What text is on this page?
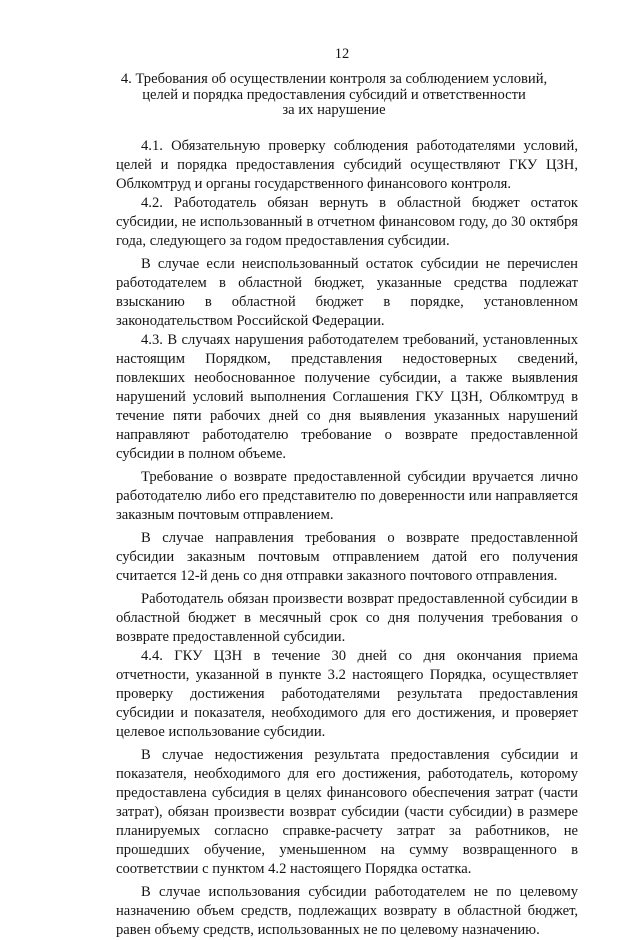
12
4. Требования об осуществлении контроля за соблюдением условий,
целей и порядка предоставления субсидий и ответственности
за их нарушение

4.1. Обязательную проверку соблюдения работодателями условий, целей и порядка предоставления субсидий осуществляют ГКУ ЦЗН, Облкомтруд и органы государственного финансового контроля.

4.2. Работодатель обязан вернуть в областной бюджет остаток субсидии, не использованный в отчетном финансовом году, до 30 октября года, следующего за годом предоставления субсидии.

В случае если неиспользованный остаток субсидии не перечислен работодателем в областной бюджет, указанные средства подлежат взысканию в областной бюджет в порядке, установленном законодательством Российской Федерации.

4.3. В случаях нарушения работодателем требований, установленных настоящим Порядком, представления недостоверных сведений, повлекших необоснованное получение субсидии, а также выявления нарушений условий выполнения Соглашения ГКУ ЦЗН, Облкомтруд в течение пяти рабочих дней со дня выявления указанных нарушений направляют работодателю требование о возврате предоставленной субсидии в полном объеме.

Требование о возврате предоставленной субсидии вручается лично работодателю либо его представителю по доверенности или направляется заказным почтовым отправлением.

В случае направления требования о возврате предоставленной субсидии заказным почтовым отправлением датой его получения считается 12-й день со дня отправки заказного почтового отправления.

Работодатель обязан произвести возврат предоставленной субсидии в областной бюджет в месячный срок со дня получения требования о возврате предоставленной субсидии.

4.4. ГКУ ЦЗН в течение 30 дней со дня окончания приема отчетности, указанной в пункте 3.2 настоящего Порядка, осуществляет проверку достижения работодателями результата предоставления субсидии и показателя, необходимого для его достижения, и проверяет целевое использование субсидии.

В случае недостижения результата предоставления субсидии и показателя, необходимого для его достижения, работодатель, которому предоставлена субсидия в целях финансового обеспечения затрат (части затрат), обязан произвести возврат субсидии (части субсидии) в размере планируемых согласно справке-расчету затрат за работников, не прошедших обучение, уменьшенном на сумму возвращенного в соответствии с пунктом 4.2 настоящего Порядка остатка.

В случае использования субсидии работодателем не по целевому назначению объем средств, подлежащих возврату в областной бюджет, равен объему средств, использованных не по целевому назначению.
